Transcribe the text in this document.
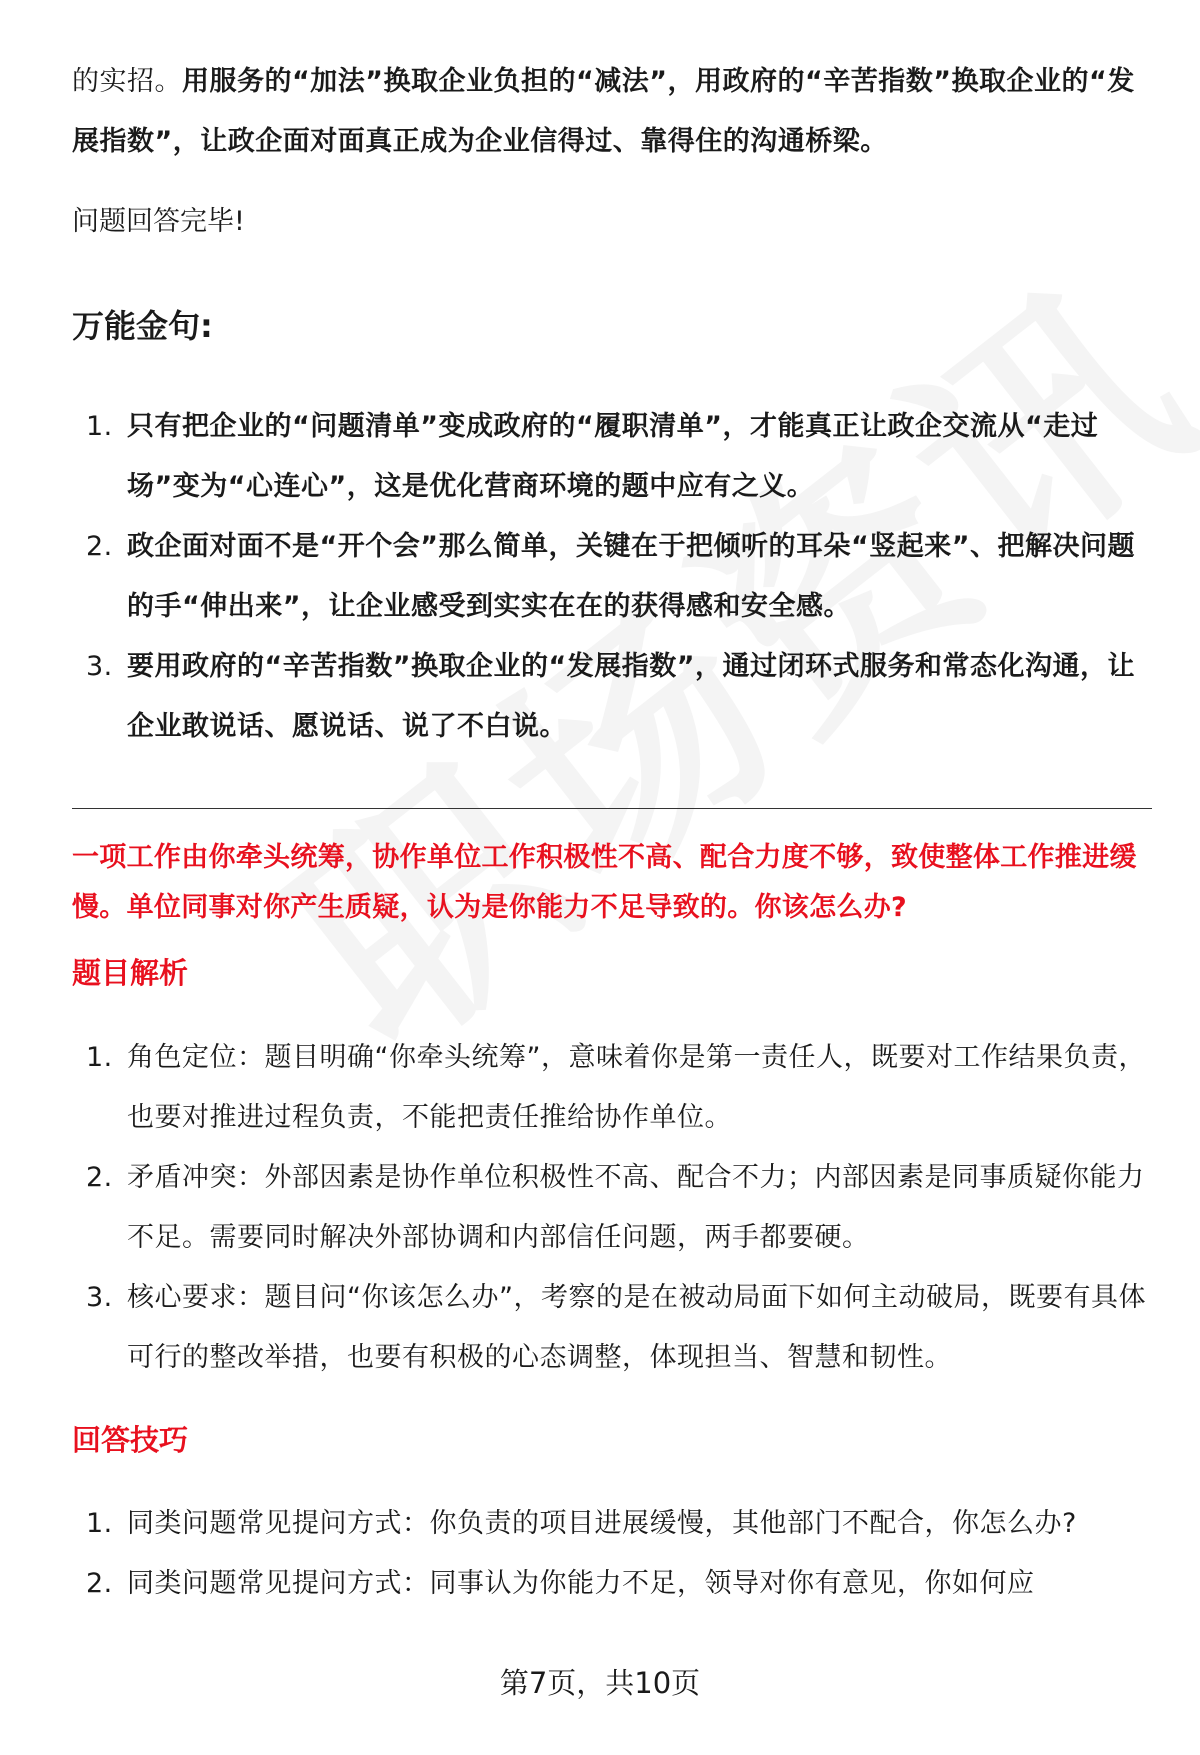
的实招。用服务的“加法”换取企业负担的“减法”，用政府的“辛苦指数”换取企业的“发展指数”，让政企面对面真正成为企业信得过、靠得住的沟通桥梁。

问题回答完毕!
万能金句:
1. 只有把企业的“问题清单”变成政府的“履职清单”，才能真正让政企交流从“走过场”变为“心连心”，这是优化营商环境的题中应有之义。
2. 政企面对面不是“开个会”那么简单，关键在于把倾听的耳朵“竖起来”、把解决问题的手“伸出来”，让企业感受到实实在在的获得感和安全感。
3. 要用政府的“辛苦指数”换取企业的“发展指数”，通过闭环式服务和常态化沟通，让企业敢说话、愿说话、说了不白说。
一项工作由你牵头统筹，协作单位工作积极性不高、配合力度不够，致使整体工作推进缓慢。单位同事对你产生质疑，认为是你能力不足导致的。你该怎么办?
题目解析
1. 角色定位：题目明确“你牵头统筹”，意味着你是第一责任人，既要对工作结果负责，也要对推进过程负责，不能把责任推给协作单位。
2. 矛盾冲突：外部因素是协作单位积极性不高、配合不力；内部因素是同事质疑你能力不足。需要同时解决外部协调和内部信任问题，两手都要硬。
3. 核心要求：题目问“你该怎么办”，考察的是在被动局面下如何主动破局，既要有具体可行的整改举措，也要有积极的心态调整，体现担当、智慧和韧性。
回答技巧
1. 同类问题常见提问方式：你负责的项目进展缓慢，其他部门不配合，你怎么办?
2. 同类问题常见提问方式：同事认为你能力不足，领导对你有意见，你如何应
第7页，共10页
